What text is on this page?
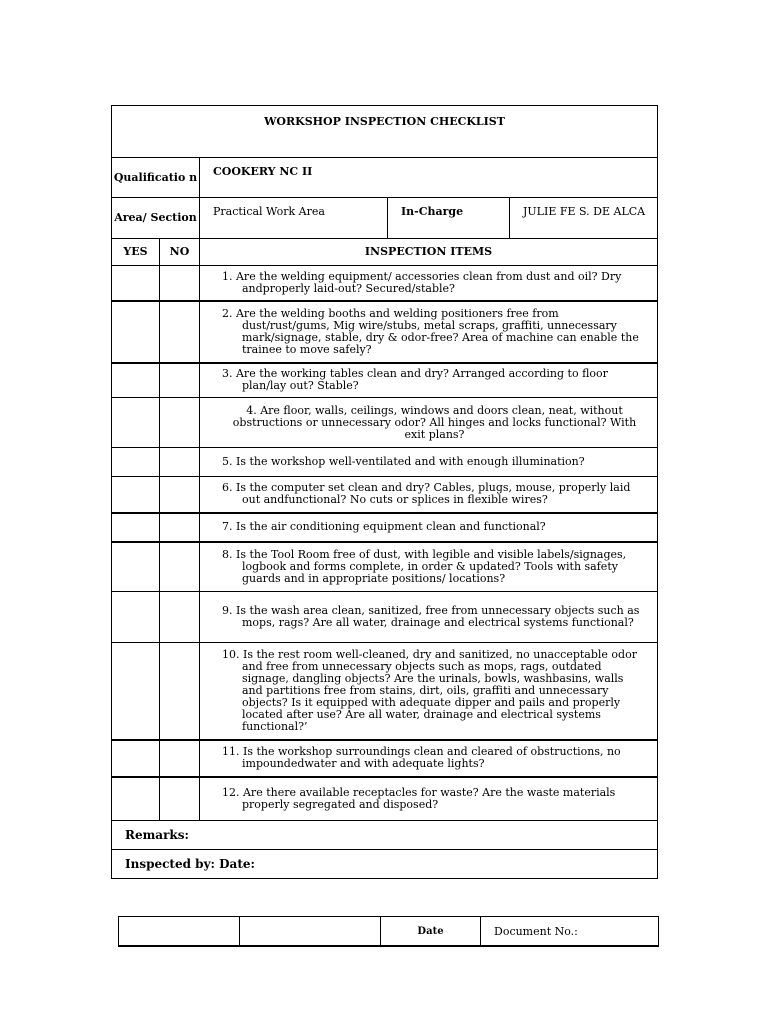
WORKSHOP INSPECTION CHECKLIST				
Qualificatio n		COOKERY NC II		
Area/ Section		Practical Work Area	In-Charge	JULIE FE S. DE ALCA
YES	NO	INSPECTION ITEMS		

		1. Are the welding equipment/ accessories clean from dust and oil? Dry andproperly laid-out? Secured/stable?		

		2. Are the welding booths and welding positioners free from dust/rust/gums, Mig wire/stubs, metal scraps, graffiti, unnecessary mark/signage, stable, dry & odor-free? Area of machine can enable the trainee to move safely?		

		3. Are the working tables clean and dry? Arranged according to floor plan/lay out? Stable?		

		4. Are floor, walls, ceilings, windows and doors clean, neat, without obstructions or unnecessary odor? All hinges and locks functional? With exit plans?		

		5. Is the workshop well-ventilated and with enough illumination?		

		6. Is the computer set clean and dry? Cables, plugs, mouse, properly laid out andfunctional? No cuts or splices in flexible wires?		

		7. Is the air conditioning equipment clean and functional?		

		8. Is the Tool Room free of dust, with legible and visible labels/signages, logbook and forms complete, in order & updated? Tools with safety guards and in appropriate positions/ locations?		

		9. Is the wash area clean, sanitized, free from unnecessary objects such as mops, rags? Are all water, drainage and electrical systems functional?		

		10. Is the rest room well-cleaned, dry and sanitized, no unacceptable odor and free from unnecessary objects such as mops, rags, outdated signage, dangling objects? Are the urinals, bowls, washbasins, walls and partitions free from stains, dirt, oils, graffiti and unnecessary objects? Is it equipped with adequate dipper and pails and properly located after use? Are all water, drainage and electrical systems functional?’		

		11. Is the workshop surroundings clean and cleared of obstructions, no impoundedwater and with adequate lights?		

		12. Are there available receptacles for waste? Are the waste materials properly segregated and disposed?		

Remarks:				
Inspected by: Date:				
		Date	Document No.:
